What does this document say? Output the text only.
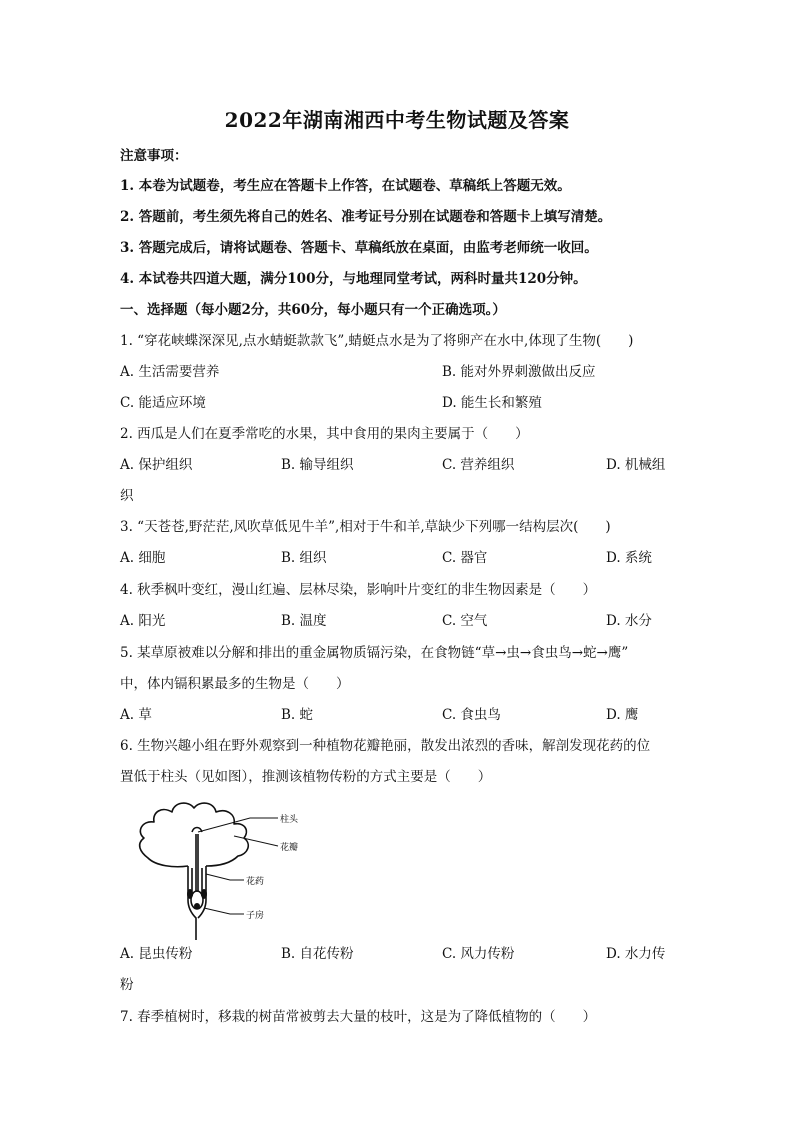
2022年湖南湘西中考生物试题及答案
注意事项：
1. 本卷为试题卷，考生应在答题卡上作答，在试题卷、草稿纸上答题无效。
2. 答题前，考生须先将自己的姓名、准考证号分别在试题卷和答题卡上填写清楚。
3. 答题完成后，请将试题卷、答题卡、草稿纸放在桌面，由监考老师统一收回。
4. 本试卷共四道大题，满分100分，与地理同堂考试，两科时量共120分钟。
一、选择题（每小题2分，共60分，每小题只有一个正确选项。）
1. “穿花峡蝶深深见,点水蜻蜓款款飞”,蜻蜓点水是为了将卵产在水中,体现了生物(　　)
A. 生活需要营养	B. 能对外界刺激做出反应
C. 能适应环境	D. 能生长和繁殖
2. 西瓜是人们在夏季常吃的水果，其中食用的果肉主要属于（　　）
A. 保护组织	B. 输导组织	C. 营养组织	D. 机械组
织
3. “天苍苍,野茫茫,风吹草低见牛羊”,相对于牛和羊,草缺少下列哪一结构层次(　　)
A. 细胞	B. 组织	C. 器官	D. 系统
4. 秋季枫叶变红，漫山红遍、层林尽染，影响叶片变红的非生物因素是（　　）
A. 阳光	B. 温度	C. 空气	D. 水分
5. 某草原被难以分解和排出的重金属物质镉污染，在食物链“草→虫→食虫鸟→蛇→鹰”
中，体内镉积累最多的生物是（　　）
A. 草	B. 蛇	C. 食虫鸟	D. 鹰
6. 生物兴趣小组在野外观察到一种植物花瓣艳丽，散发出浓烈的香味，解剖发现花药的位
置低于柱头（见如图），推测该植物传粉的方式主要是（　　）
柱头
花瓣
花药
子房
A. 昆虫传粉	B. 自花传粉	C. 风力传粉	D. 水力传
粉
7. 春季植树时，移栽的树苗常被剪去大量的枝叶，这是为了降低植物的（　　）
